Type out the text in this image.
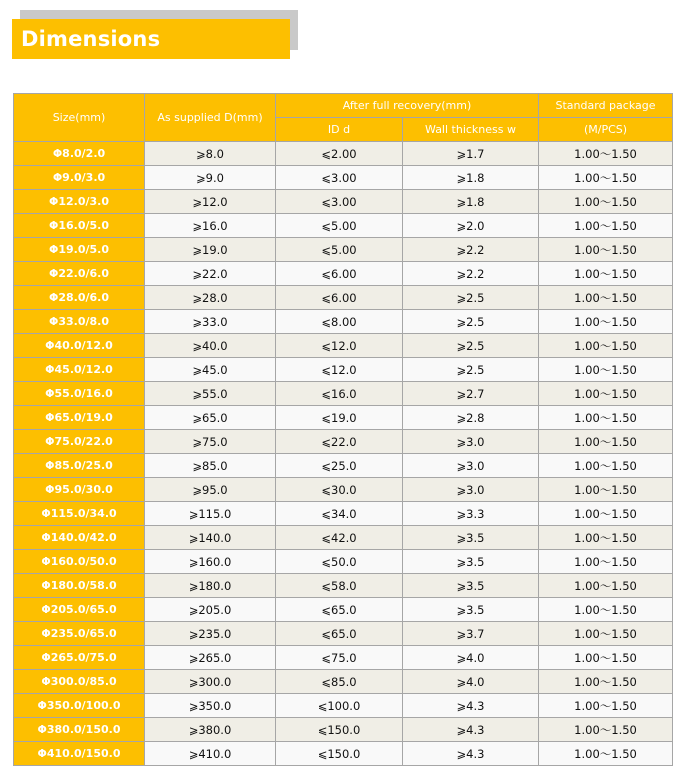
Dimensions
Size(mm)	As supplied D(mm)	After full recovery(mm)		Standard package
		ID d	Wall thickness w	(M/PCS)
Φ8.0/2.0	⩾8.0	⩽2.00	⩾1.7	1.00～1.50
Φ9.0/3.0	⩾9.0	⩽3.00	⩾1.8	1.00～1.50
Φ12.0/3.0	⩾12.0	⩽3.00	⩾1.8	1.00～1.50
Φ16.0/5.0	⩾16.0	⩽5.00	⩾2.0	1.00～1.50
Φ19.0/5.0	⩾19.0	⩽5.00	⩾2.2	1.00～1.50
Φ22.0/6.0	⩾22.0	⩽6.00	⩾2.2	1.00～1.50
Φ28.0/6.0	⩾28.0	⩽6.00	⩾2.5	1.00～1.50
Φ33.0/8.0	⩾33.0	⩽8.00	⩾2.5	1.00～1.50
Φ40.0/12.0	⩾40.0	⩽12.0	⩾2.5	1.00～1.50
Φ45.0/12.0	⩾45.0	⩽12.0	⩾2.5	1.00～1.50
Φ55.0/16.0	⩾55.0	⩽16.0	⩾2.7	1.00～1.50
Φ65.0/19.0	⩾65.0	⩽19.0	⩾2.8	1.00～1.50
Φ75.0/22.0	⩾75.0	⩽22.0	⩾3.0	1.00～1.50
Φ85.0/25.0	⩾85.0	⩽25.0	⩾3.0	1.00～1.50
Φ95.0/30.0	⩾95.0	⩽30.0	⩾3.0	1.00～1.50
Φ115.0/34.0	⩾115.0	⩽34.0	⩾3.3	1.00～1.50
Φ140.0/42.0	⩾140.0	⩽42.0	⩾3.5	1.00～1.50
Φ160.0/50.0	⩾160.0	⩽50.0	⩾3.5	1.00～1.50
Φ180.0/58.0	⩾180.0	⩽58.0	⩾3.5	1.00～1.50
Φ205.0/65.0	⩾205.0	⩽65.0	⩾3.5	1.00～1.50
Φ235.0/65.0	⩾235.0	⩽65.0	⩾3.7	1.00～1.50
Φ265.0/75.0	⩾265.0	⩽75.0	⩾4.0	1.00～1.50
Φ300.0/85.0	⩾300.0	⩽85.0	⩾4.0	1.00～1.50
Φ350.0/100.0	⩾350.0	⩽100.0	⩾4.3	1.00～1.50
Φ380.0/150.0	⩾380.0	⩽150.0	⩾4.3	1.00～1.50
Φ410.0/150.0	⩾410.0	⩽150.0	⩾4.3	1.00～1.50
